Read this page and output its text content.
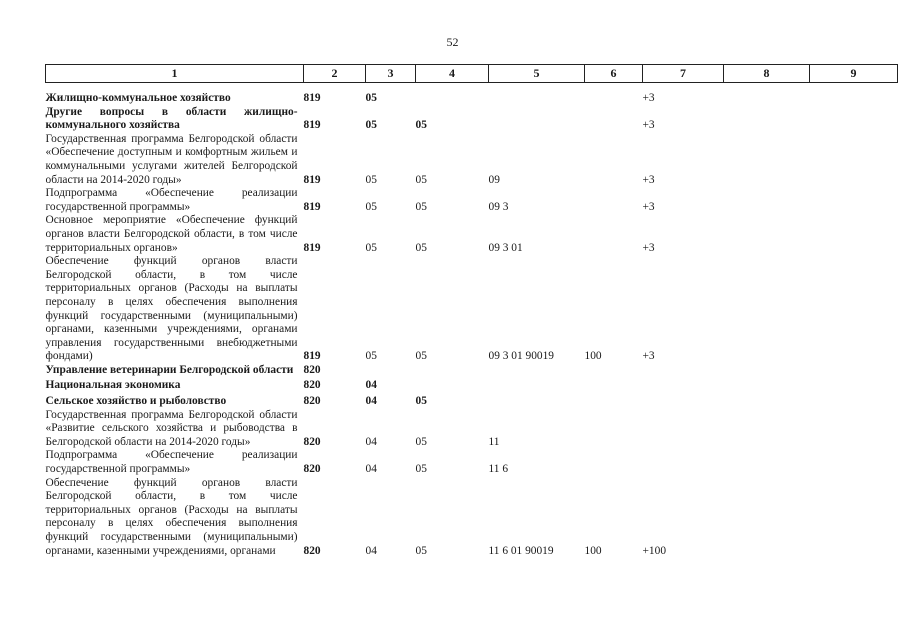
52
1	2	3	4	5	6	7	8	9
Жилищно-коммунальное хозяйство	819	05				+3		
Другие вопросы в области жилищно-коммунального хозяйства	819	05	05			+3		
Государственная программа Белгородской области «Обеспечение доступным и комфортным жильем и коммунальными услугами жителей Белгородской области на 2014-2020 годы»	819	05	05	09		+3		
Подпрограмма «Обеспечение реализации государственной программы»	819	05	05	09 3		+3		
Основное мероприятие «Обеспечение функций органов власти Белгородской области, в том числе территориальных органов»	819	05	05	09 3 01		+3		
Обеспечение функций органов власти Белгородской области, в том числе территориальных органов (Расходы на выплаты персоналу в целях обеспечения выполнения функций государственными (муниципальными) органами, казенными учреждениями, органами управления государственными внебюджетными фондами)	819	05	05	09 3 01 90019	100	+3		
Управление ветеринарии Белгородской области	820							
Национальная экономика	820	04						
Сельское хозяйство и рыболовство	820	04	05					
Государственная программа Белгородской области «Развитие сельского хозяйства и рыбоводства в Белгородской области на 2014-2020 годы»	820	04	05	11				
Подпрограмма «Обеспечение реализации государственной программы»	820	04	05	11 6				
Обеспечение функций органов власти Белгородской области, в том числе территориальных органов (Расходы на выплаты персоналу в целях обеспечения выполнения функций государственными (муниципальными) органами, казенными учреждениями, органами	820	04	05	11 6 01 90019	100	+100		
